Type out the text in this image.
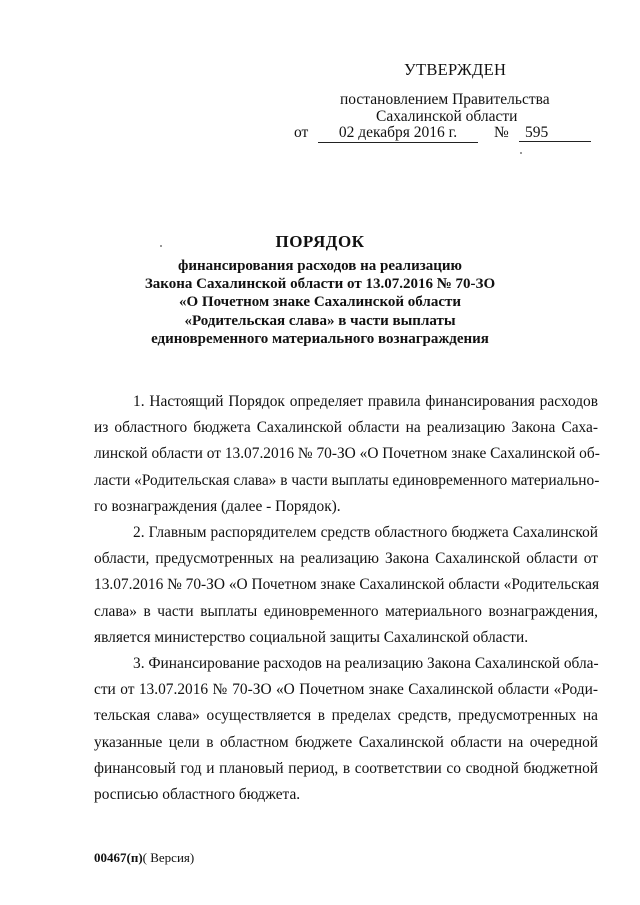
УТВЕРЖДЕН
постановлением Правительства
Сахалинской области
от	02 декабря 2016 г.	№	595
ПОРЯДОК
финансирования расходов на реализацию
Закона Сахалинской области от 13.07.2016 № 70-ЗО
«О Почетном знаке Сахалинской области
«Родительская слава» в части выплаты
единовременного материального вознаграждения
1. Настоящий Порядок определяет правила финансирования расходов
из областного бюджета Сахалинской области на реализацию Закона Саха-
линской области от 13.07.2016 № 70-ЗО «О Почетном знаке Сахалинской об-
ласти «Родительская слава» в части выплаты единовременного материально-
го вознаграждения (далее - Порядок).
2. Главным распорядителем средств областного бюджета Сахалинской
области, предусмотренных на реализацию Закона Сахалинской области от
13.07.2016 № 70-ЗО «О Почетном знаке Сахалинской области «Родительская
слава» в части выплаты единовременного материального вознаграждения,
является министерство социальной защиты Сахалинской области.
3. Финансирование расходов на реализацию Закона Сахалинской обла-
сти от 13.07.2016 № 70-ЗО «О Почетном знаке Сахалинской области «Роди-
тельская слава» осуществляется в пределах средств, предусмотренных на
указанные цели в областном бюджете Сахалинской области на очередной
финансовый год и плановый период, в соответствии со сводной бюджетной
росписью областного бюджета.
00467(п)( Версия)
